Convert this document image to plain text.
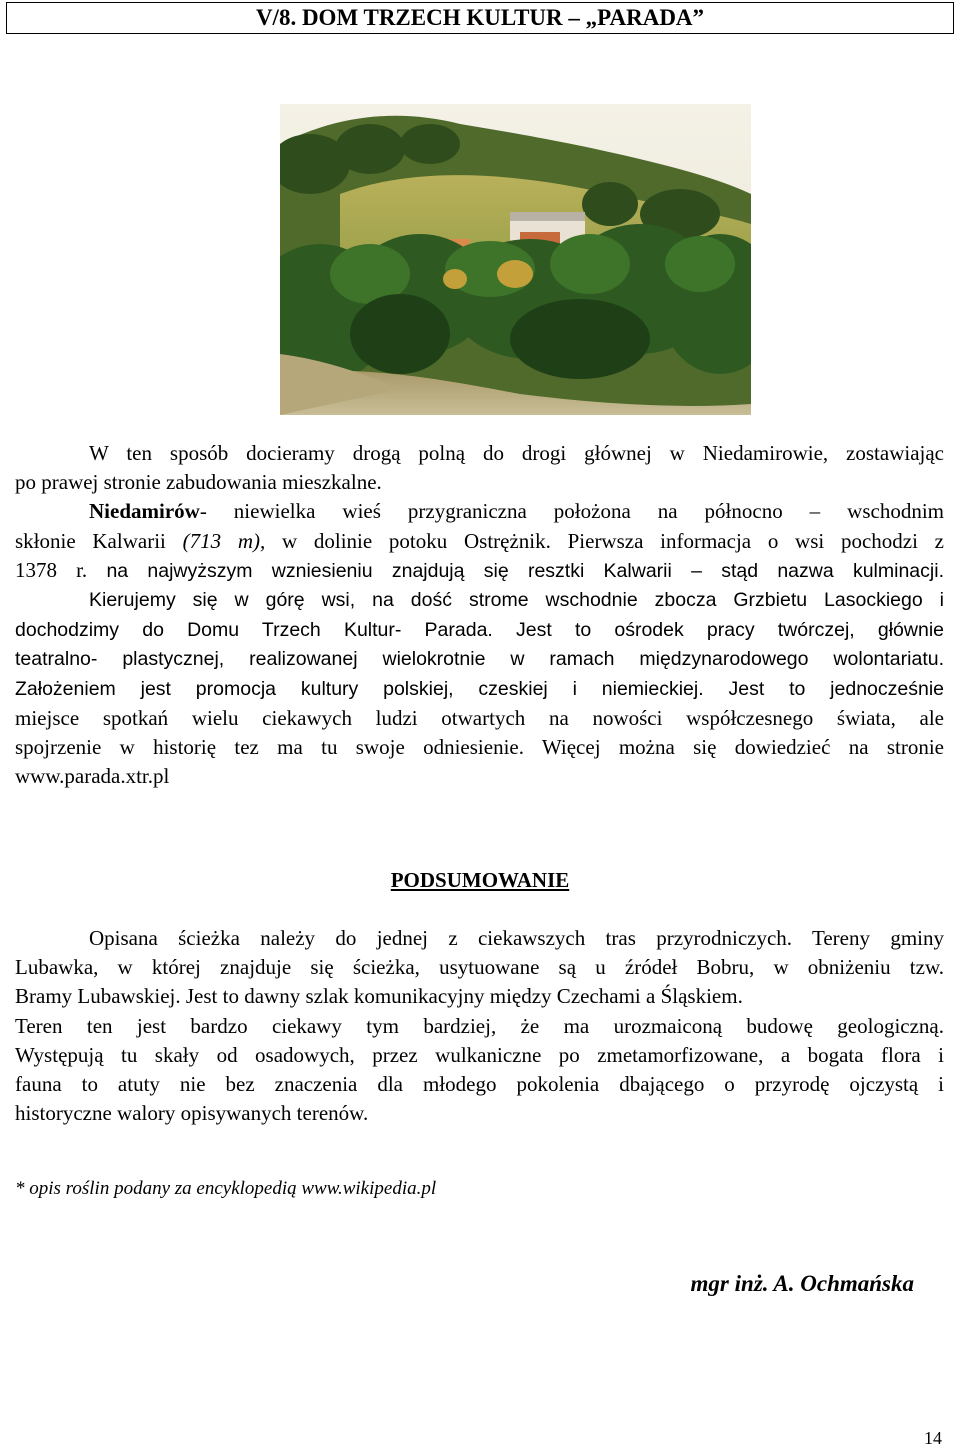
V/8. DOM TRZECH KULTUR – „PARADA”
W ten sposób docieramy drogą polną do drogi głównej w Niedamirowie, zostawiając
po prawej stronie zabudowania mieszkalne.
Niedamirów- niewielka wieś przygraniczna położona na północno – wschodnim
skłonie Kalwarii (713 m), w dolinie potoku Ostrężnik. Pierwsza informacja o wsi pochodzi z
1378 r. na najwyższym wzniesieniu znajdują się resztki Kalwarii – stąd nazwa kulminacji.
Kierujemy się w górę wsi, na dość strome wschodnie zbocza Grzbietu Lasockiego i
dochodzimy do Domu Trzech Kultur- Parada. Jest to ośrodek pracy twórczej, głównie
teatralno- plastycznej, realizowanej wielokrotnie w ramach międzynarodowego wolontariatu.
Założeniem jest promocja kultury polskiej, czeskiej i niemieckiej. Jest to jednocześnie
miejsce spotkań wielu ciekawych ludzi otwartych na nowości współczesnego świata, ale
spojrzenie w historię tez ma tu swoje odniesienie. Więcej można się dowiedzieć na stronie
www.parada.xtr.pl
PODSUMOWANIE
Opisana ścieżka należy do jednej z ciekawszych tras przyrodniczych. Tereny gminy
Lubawka, w której znajduje się ścieżka, usytuowane są u źródeł Bobru, w obniżeniu tzw.
Bramy Lubawskiej. Jest to dawny szlak komunikacyjny między Czechami a Śląskiem.
Teren ten jest bardzo ciekawy tym bardziej, że ma urozmaiconą budowę geologiczną.
Występują tu skały od osadowych, przez wulkaniczne po zmetamorfizowane, a bogata flora i
fauna to atuty nie bez znaczenia dla młodego pokolenia dbającego o przyrodę ojczystą i
historyczne walory opisywanych terenów.
* opis roślin podany za encyklopedią www.wikipedia.pl
mgr inż. A. Ochmańska
14
